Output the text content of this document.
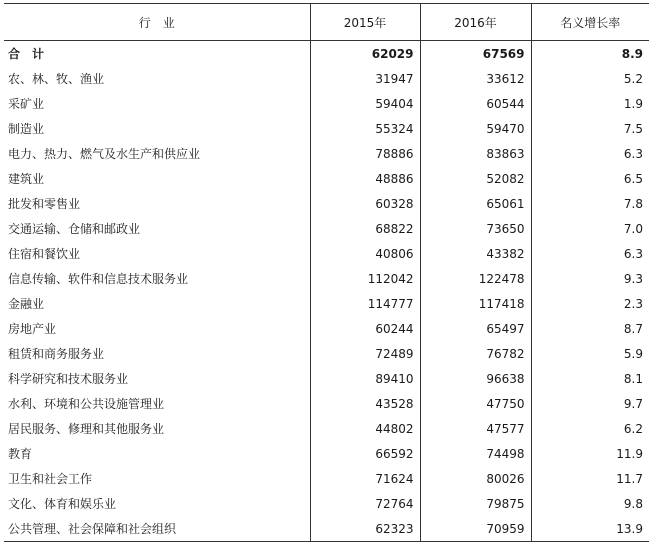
行　业	2015年	2016年	名义增长率
合　计	62029	67569	8.9
农、林、牧、渔业	31947	33612	5.2
采矿业	59404	60544	1.9
制造业	55324	59470	7.5
电力、热力、燃气及水生产和供应业	78886	83863	6.3
建筑业	48886	52082	6.5
批发和零售业	60328	65061	7.8
交通运输、仓储和邮政业	68822	73650	7.0
住宿和餐饮业	40806	43382	6.3
信息传输、软件和信息技术服务业	112042	122478	9.3
金融业	114777	117418	2.3
房地产业	60244	65497	8.7
租赁和商务服务业	72489	76782	5.9
科学研究和技术服务业	89410	96638	8.1
水利、环境和公共设施管理业	43528	47750	9.7
居民服务、修理和其他服务业	44802	47577	6.2
教育	66592	74498	11.9
卫生和社会工作	71624	80026	11.7
文化、体育和娱乐业	72764	79875	9.8
公共管理、社会保障和社会组织	62323	70959	13.9
